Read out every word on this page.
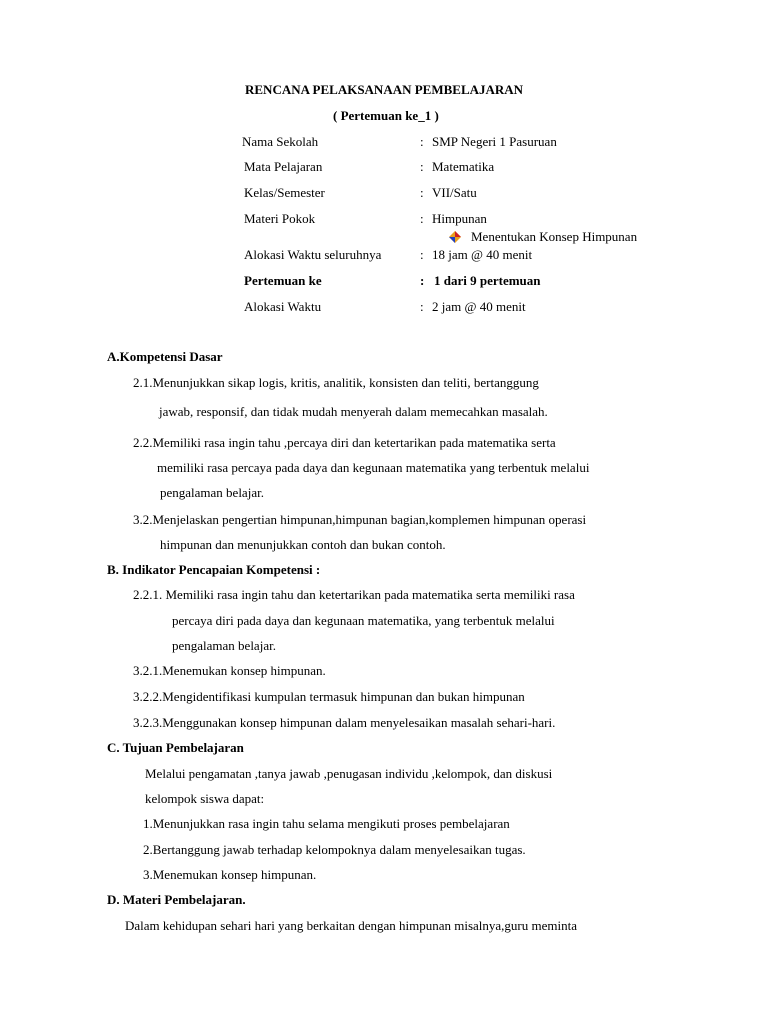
RENCANA PELAKSANAAN PEMBELAJARAN
( Pertemuan ke_1 )
Nama Sekolah	: SMP Negeri 1 Pasuruan
Mata Pelajaran	: Matematika
Kelas/Semester	: VII/Satu
Materi Pokok	: Himpunan
Menentukan Konsep Himpunan
Alokasi Waktu seluruhnya	: 18 jam @ 40 menit
Pertemuan ke	: 1 dari 9 pertemuan
Alokasi Waktu	: 2 jam @ 40 menit
A.Kompetensi Dasar
2.1.Menunjukkan sikap logis, kritis, analitik, konsisten dan teliti, bertanggung
jawab, responsif, dan tidak mudah menyerah dalam memecahkan masalah.
2.2.Memiliki rasa ingin tahu ,percaya diri dan ketertarikan pada matematika serta
memiliki rasa percaya pada daya dan kegunaan matematika yang terbentuk melalui
pengalaman belajar.
3.2.Menjelaskan pengertian himpunan,himpunan bagian,komplemen himpunan operasi
himpunan dan menunjukkan contoh dan bukan contoh.
B. Indikator Pencapaian Kompetensi :
2.2.1. Memiliki rasa ingin tahu dan ketertarikan pada matematika serta memiliki rasa
percaya diri pada daya dan kegunaan matematika, yang terbentuk melalui
pengalaman belajar.
3.2.1.Menemukan konsep himpunan.
3.2.2.Mengidentifikasi kumpulan termasuk himpunan dan bukan himpunan
3.2.3.Menggunakan konsep himpunan dalam menyelesaikan masalah sehari-hari.
C. Tujuan Pembelajaran
Melalui pengamatan ,tanya jawab ,penugasan individu ,kelompok, dan diskusi
kelompok siswa dapat:
1.Menunjukkan rasa ingin tahu selama mengikuti proses pembelajaran
2.Bertanggung jawab terhadap kelompoknya dalam menyelesaikan tugas.
3.Menemukan konsep himpunan.
D. Materi Pembelajaran.
Dalam kehidupan sehari hari yang berkaitan dengan himpunan misalnya,guru meminta
